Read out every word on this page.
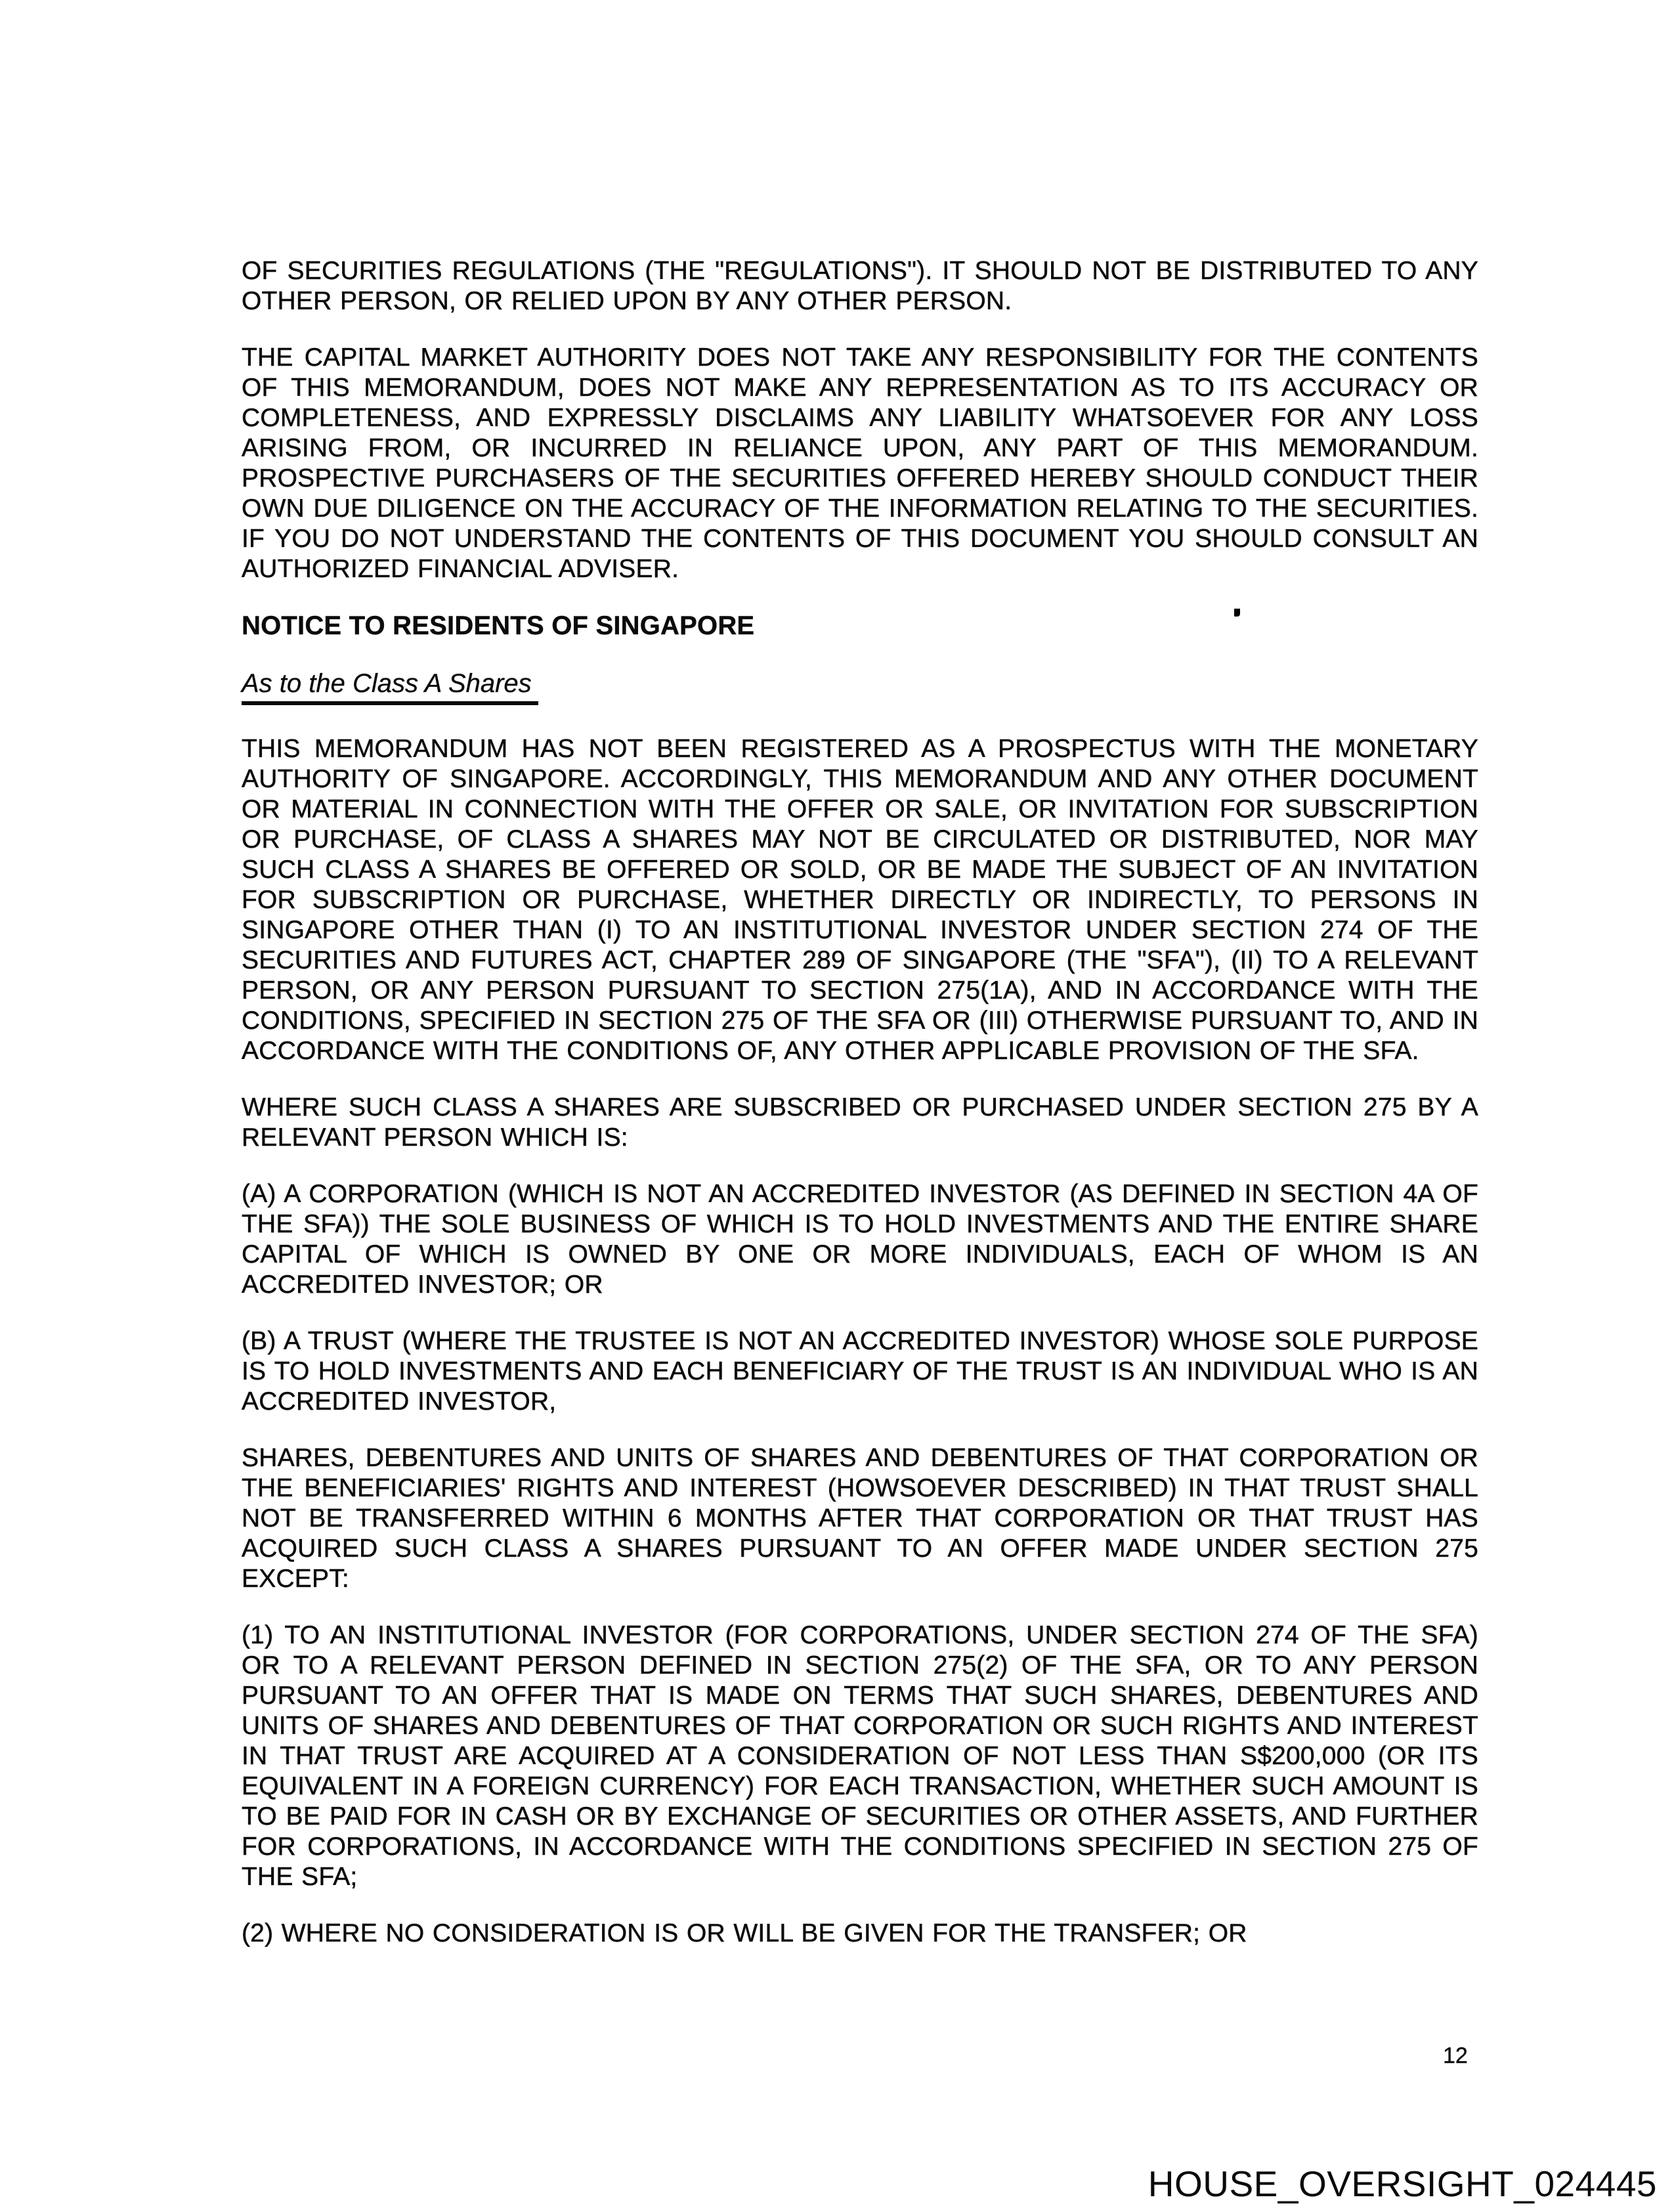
OF SECURITIES REGULATIONS (THE "REGULATIONS"). IT SHOULD NOT BE DISTRIBUTED TO ANY OTHER PERSON, OR RELIED UPON BY ANY OTHER PERSON.

THE CAPITAL MARKET AUTHORITY DOES NOT TAKE ANY RESPONSIBILITY FOR THE CONTENTS OF THIS MEMORANDUM, DOES NOT MAKE ANY REPRESENTATION AS TO ITS ACCURACY OR COMPLETENESS, AND EXPRESSLY DISCLAIMS ANY LIABILITY WHATSOEVER FOR ANY LOSS ARISING FROM, OR INCURRED IN RELIANCE UPON, ANY PART OF THIS MEMORANDUM. PROSPECTIVE PURCHASERS OF THE SECURITIES OFFERED HEREBY SHOULD CONDUCT THEIR OWN DUE DILIGENCE ON THE ACCURACY OF THE INFORMATION RELATING TO THE SECURITIES. IF YOU DO NOT UNDERSTAND THE CONTENTS OF THIS DOCUMENT YOU SHOULD CONSULT AN AUTHORIZED FINANCIAL ADVISER.

NOTICE TO RESIDENTS OF SINGAPORE
As to the Class A Shares

THIS MEMORANDUM HAS NOT BEEN REGISTERED AS A PROSPECTUS WITH THE MONETARY AUTHORITY OF SINGAPORE. ACCORDINGLY, THIS MEMORANDUM AND ANY OTHER DOCUMENT OR MATERIAL IN CONNECTION WITH THE OFFER OR SALE, OR INVITATION FOR SUBSCRIPTION OR PURCHASE, OF CLASS A SHARES MAY NOT BE CIRCULATED OR DISTRIBUTED, NOR MAY SUCH CLASS A SHARES BE OFFERED OR SOLD, OR BE MADE THE SUBJECT OF AN INVITATION FOR SUBSCRIPTION OR PURCHASE, WHETHER DIRECTLY OR INDIRECTLY, TO PERSONS IN SINGAPORE OTHER THAN (I) TO AN INSTITUTIONAL INVESTOR UNDER SECTION 274 OF THE SECURITIES AND FUTURES ACT, CHAPTER 289 OF SINGAPORE (THE "SFA"), (II) TO A RELEVANT PERSON, OR ANY PERSON PURSUANT TO SECTION 275(1A), AND IN ACCORDANCE WITH THE CONDITIONS, SPECIFIED IN SECTION 275 OF THE SFA OR (III) OTHERWISE PURSUANT TO, AND IN ACCORDANCE WITH THE CONDITIONS OF, ANY OTHER APPLICABLE PROVISION OF THE SFA.

WHERE SUCH CLASS A SHARES ARE SUBSCRIBED OR PURCHASED UNDER SECTION 275 BY A RELEVANT PERSON WHICH IS:

(A) A CORPORATION (WHICH IS NOT AN ACCREDITED INVESTOR (AS DEFINED IN SECTION 4A OF THE SFA)) THE SOLE BUSINESS OF WHICH IS TO HOLD INVESTMENTS AND THE ENTIRE SHARE CAPITAL OF WHICH IS OWNED BY ONE OR MORE INDIVIDUALS, EACH OF WHOM IS AN ACCREDITED INVESTOR; OR

(B) A TRUST (WHERE THE TRUSTEE IS NOT AN ACCREDITED INVESTOR) WHOSE SOLE PURPOSE IS TO HOLD INVESTMENTS AND EACH BENEFICIARY OF THE TRUST IS AN INDIVIDUAL WHO IS AN ACCREDITED INVESTOR,

SHARES, DEBENTURES AND UNITS OF SHARES AND DEBENTURES OF THAT CORPORATION OR THE BENEFICIARIES' RIGHTS AND INTEREST (HOWSOEVER DESCRIBED) IN THAT TRUST SHALL NOT BE TRANSFERRED WITHIN 6 MONTHS AFTER THAT CORPORATION OR THAT TRUST HAS ACQUIRED SUCH CLASS A SHARES PURSUANT TO AN OFFER MADE UNDER SECTION 275 EXCEPT:

(1) TO AN INSTITUTIONAL INVESTOR (FOR CORPORATIONS, UNDER SECTION 274 OF THE SFA) OR TO A RELEVANT PERSON DEFINED IN SECTION 275(2) OF THE SFA, OR TO ANY PERSON PURSUANT TO AN OFFER THAT IS MADE ON TERMS THAT SUCH SHARES, DEBENTURES AND UNITS OF SHARES AND DEBENTURES OF THAT CORPORATION OR SUCH RIGHTS AND INTEREST IN THAT TRUST ARE ACQUIRED AT A CONSIDERATION OF NOT LESS THAN S$200,000 (OR ITS EQUIVALENT IN A FOREIGN CURRENCY) FOR EACH TRANSACTION, WHETHER SUCH AMOUNT IS TO BE PAID FOR IN CASH OR BY EXCHANGE OF SECURITIES OR OTHER ASSETS, AND FURTHER FOR CORPORATIONS, IN ACCORDANCE WITH THE CONDITIONS SPECIFIED IN SECTION 275 OF THE SFA;

(2) WHERE NO CONSIDERATION IS OR WILL BE GIVEN FOR THE TRANSFER; OR

12
HOUSE_OVERSIGHT_024445
